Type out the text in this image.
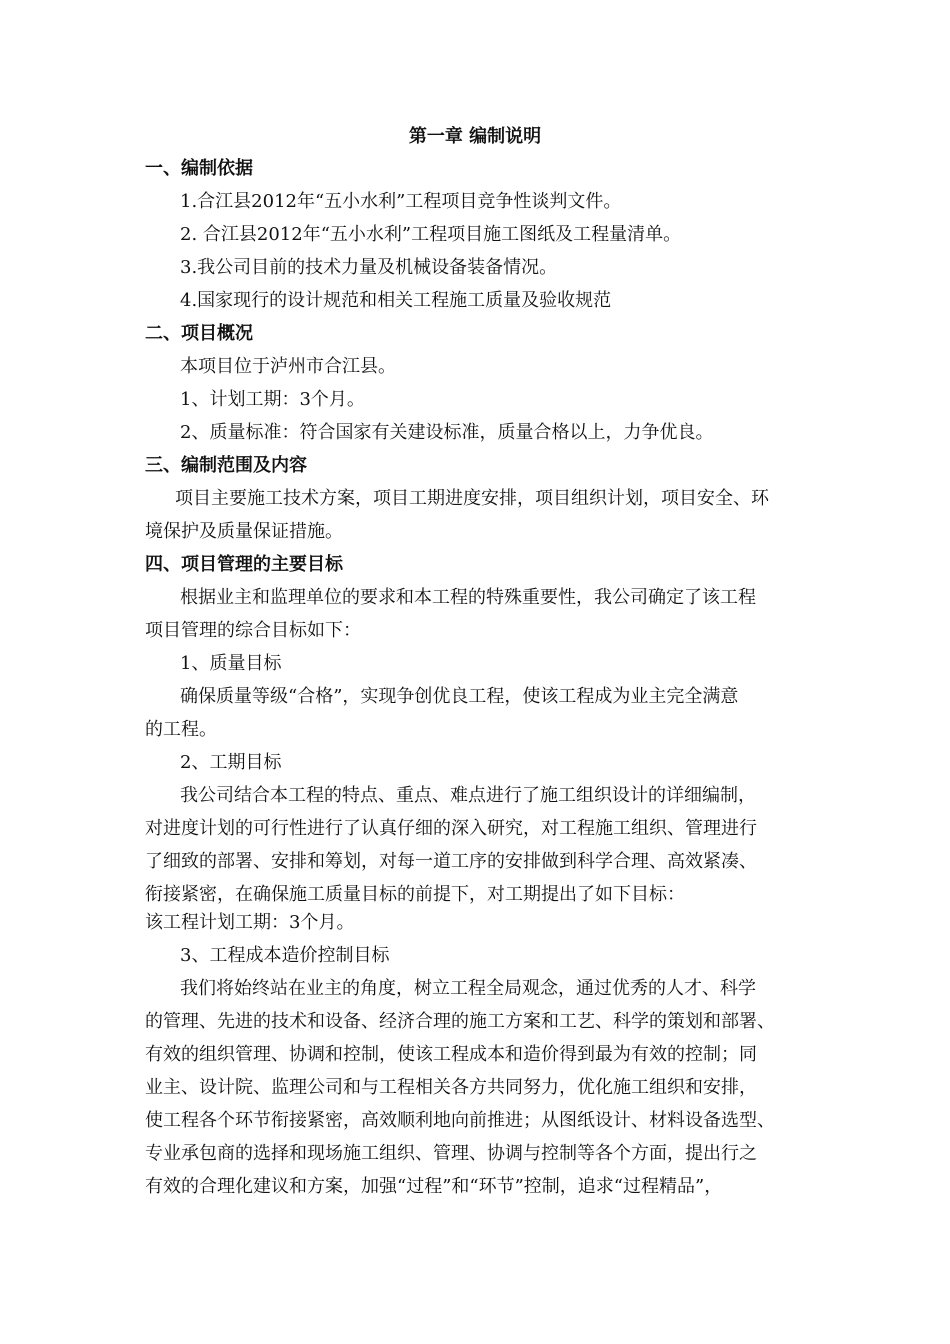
第一章 编制说明
一、编制依据
1.合江县2012年“五小水利”工程项目竞争性谈判文件。
2. 合江县2012年“五小水利”工程项目施工图纸及工程量清单。
3.我公司目前的技术力量及机械设备装备情况。
4.国家现行的设计规范和相关工程施工质量及验收规范
二、项目概况
本项目位于泸州市合江县。
1、计划工期：3个月。
2、质量标准：符合国家有关建设标准，质量合格以上，力争优良。
三、编制范围及内容
项目主要施工技术方案，项目工期进度安排，项目组织计划，项目安全、环
境保护及质量保证措施。
四、项目管理的主要目标
根据业主和监理单位的要求和本工程的特殊重要性，我公司确定了该工程
项目管理的综合目标如下：
1、质量目标
确保质量等级“合格”，实现争创优良工程，使该工程成为业主完全满意
的工程。
2、工期目标
我公司结合本工程的特点、重点、难点进行了施工组织设计的详细编制，
对进度计划的可行性进行了认真仔细的深入研究，对工程施工组织、管理进行
了细致的部署、安排和筹划，对每一道工序的安排做到科学合理、高效紧凑、
衔接紧密，在确保施工质量目标的前提下，对工期提出了如下目标：
该工程计划工期：3个月。
3、工程成本造价控制目标
我们将始终站在业主的角度，树立工程全局观念，通过优秀的人才、科学
的管理、先进的技术和设备、经济合理的施工方案和工艺、科学的策划和部署、
有效的组织管理、协调和控制，使该工程成本和造价得到最为有效的控制；同
业主、设计院、监理公司和与工程相关各方共同努力，优化施工组织和安排，
使工程各个环节衔接紧密，高效顺利地向前推进；从图纸设计、材料设备选型、
专业承包商的选择和现场施工组织、管理、协调与控制等各个方面，提出行之
有效的合理化建议和方案，加强“过程”和“环节”控制，追求“过程精品”，
